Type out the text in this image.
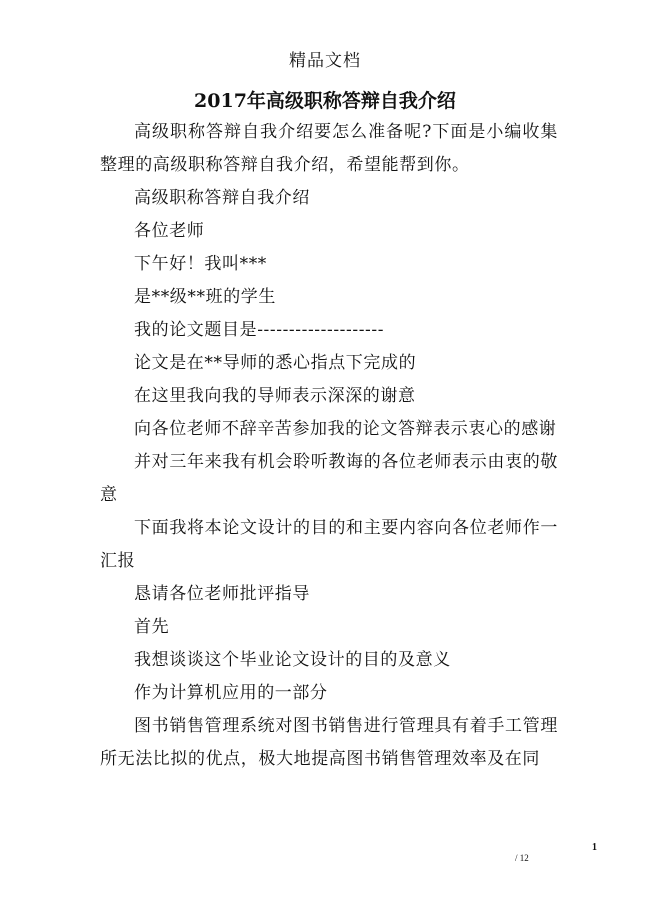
精品文档
2017年高级职称答辩自我介绍

高级职称答辩自我介绍要怎么准备呢?下面是小编收集整理的高级职称答辩自我介绍，希望能帮到你。

高级职称答辩自我介绍

各位老师

下午好！我叫***

是**级**班的学生

我的论文题目是--------------------

论文是在**导师的悉心指点下完成的

在这里我向我的导师表示深深的谢意

向各位老师不辞辛苦参加我的论文答辩表示衷心的感谢

并对三年来我有机会聆听教诲的各位老师表示由衷的敬意

下面我将本论文设计的目的和主要内容向各位老师作一汇报

恳请各位老师批评指导

首先

我想谈谈这个毕业论文设计的目的及意义

作为计算机应用的一部分

图书销售管理系统对图书销售进行管理具有着手工管理所无法比拟的优点，极大地提高图书销售管理效率及在同

/ 12
1
